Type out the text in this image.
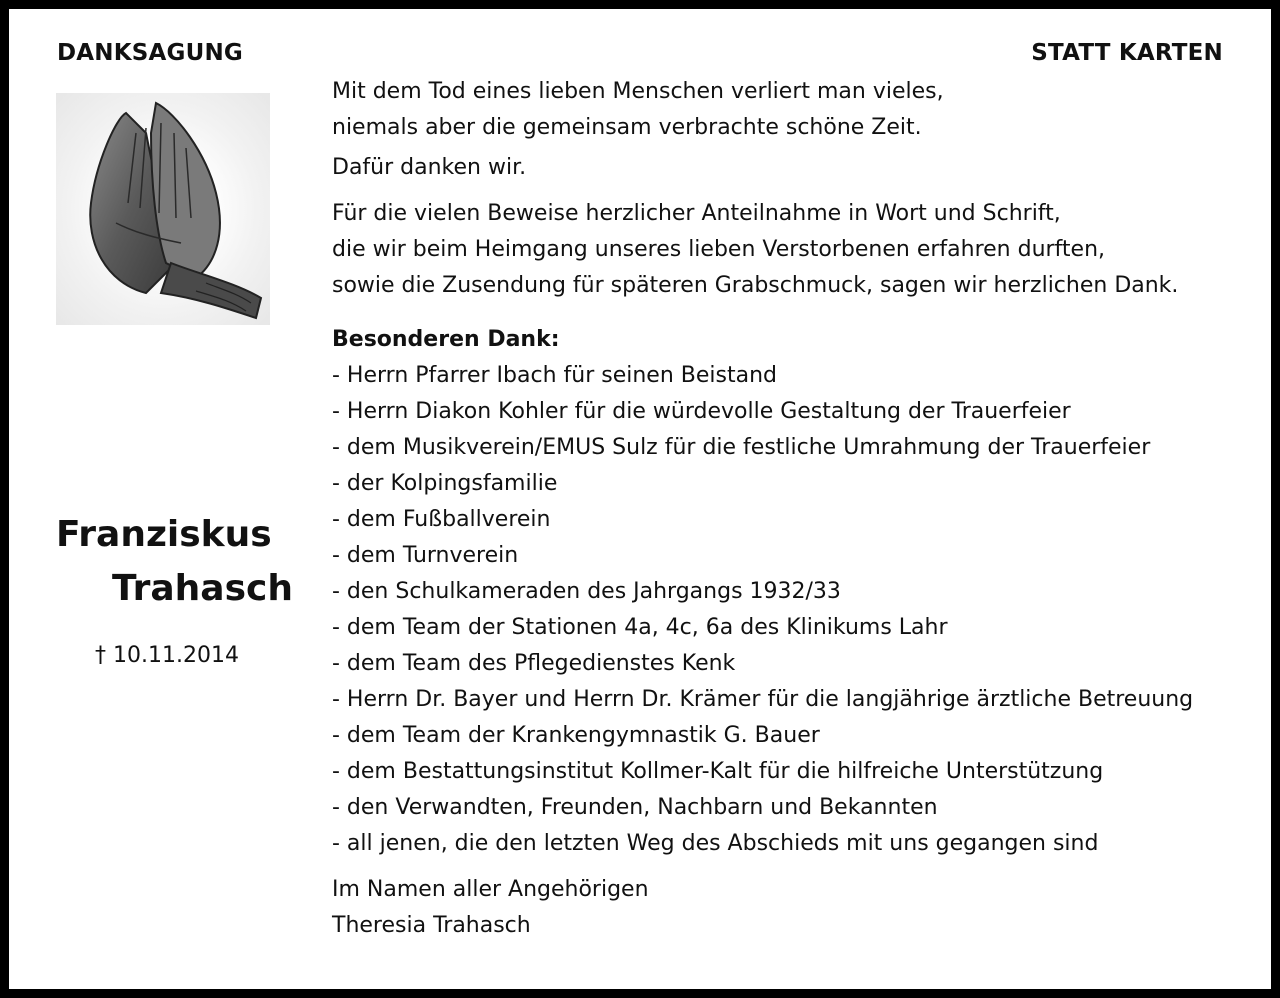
DANKSAGUNG	STATT KARTEN
Franziskus
Trahasch
† 10.11.2014
Mit dem Tod eines lieben Menschen verliert man vieles,
niemals aber die gemeinsam verbrachte schöne Zeit.
Dafür danken wir.
Für die vielen Beweise herzlicher Anteilnahme in Wort und Schrift,
die wir beim Heimgang unseres lieben Verstorbenen erfahren durften,
sowie die Zusendung für späteren Grabschmuck, sagen wir herzlichen Dank.
Besonderen Dank:
- Herrn Pfarrer Ibach für seinen Beistand
- Herrn Diakon Kohler für die würdevolle Gestaltung der Trauerfeier
- dem Musikverein/EMUS Sulz für die festliche Umrahmung der Trauerfeier
- der Kolpingsfamilie
- dem Fußballverein
- dem Turnverein
- den Schulkameraden des Jahrgangs 1932/33
- dem Team der Stationen 4a, 4c, 6a des Klinikums Lahr
- dem Team des Pflegedienstes Kenk
- Herrn Dr. Bayer und Herrn Dr. Krämer für die langjährige ärztliche Betreuung
- dem Team der Krankengymnastik G. Bauer
- dem Bestattungsinstitut Kollmer-Kalt für die hilfreiche Unterstützung
- den Verwandten, Freunden, Nachbarn und Bekannten
- all jenen, die den letzten Weg des Abschieds mit uns gegangen sind
Im Namen aller Angehörigen
Theresia Trahasch
